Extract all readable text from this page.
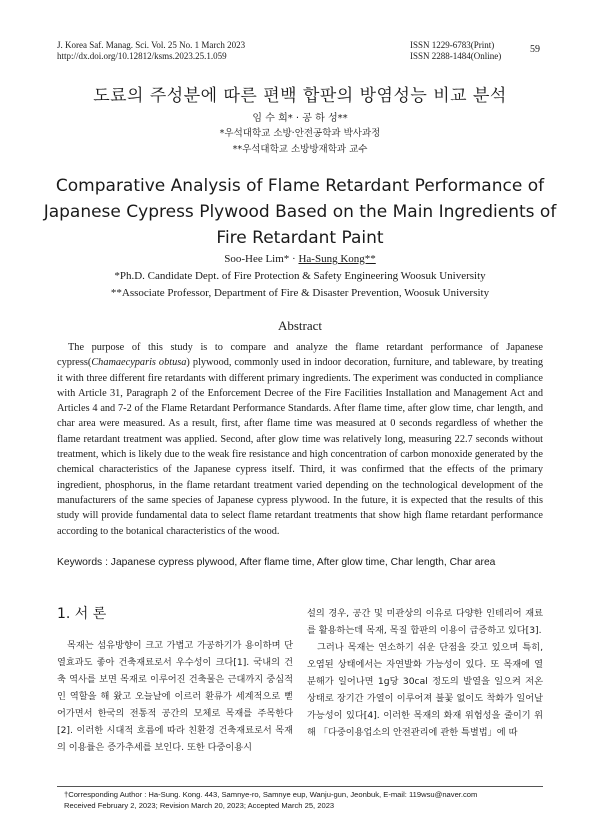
J. Korea Saf. Manag. Sci. Vol. 25 No. 1 March 2023
http://dx.doi.org/10.12812/ksms.2023.25.1.059
ISSN 1229-6783(Print)
ISSN 2288-1484(Online)
59
도료의 주성분에 따른 편백 합판의 방염성능 비교 분석
임 수 희* · 공 하 성**
*우석대학교 소방·안전공학과 박사과정
**우석대학교 소방방재학과 교수
Comparative Analysis of Flame Retardant Performance of
Japanese Cypress Plywood Based on the Main Ingredients of
Fire Retardant Paint
Soo-Hee Lim* · Ha-Sung Kong**
*Ph.D. Candidate Dept. of Fire Protection & Safety Engineering Woosuk University
**Associate Professor, Department of Fire & Disaster Prevention, Woosuk University
Abstract
The purpose of this study is to compare and analyze the flame retardant performance of Japanese cypress(Chamaecyparis obtusa) plywood, commonly used in indoor decoration, furniture, and tableware, by treating it with three different fire retardants with different primary ingredients. The experiment was conducted in compliance with Article 31, Paragraph 2 of the Enforcement Decree of the Fire Facilities Installation and Management Act and Articles 4 and 7-2 of the Flame Retardant Performance Standards. After flame time, after glow time, char length, and char area were measured. As a result, first, after flame time was measured at 0 seconds regardless of whether the flame retardant treatment was applied. Second, after glow time was relatively long, measuring 22.7 seconds without treatment, which is likely due to the weak fire resistance and high concentration of carbon monoxide generated by the chemical characteristics of the Japanese cypress itself. Third, it was confirmed that the effects of the primary ingredient, phosphorus, in the flame retardant treatment varied depending on the technological development of the manufacturers of the same species of Japanese cypress plywood. In the future, it is expected that the results of this study will provide fundamental data to select flame retardant treatments that show high flame retardant performance according to the botanical characteristics of the wood.
Keywords : Japanese cypress plywood, After flame time, After glow time, Char length, Char area
1. 서 론

목재는 섬유방향이 크고 가볍고 가공하기가 용이하며 단열효과도 좋아 건축재료로서 우수성이 크다[1]. 국내의 건축 역사를 보면 목재로 이루어진 건축물은 근대까지 중심적인 역할을 해 왔고 오늘날에 이르러 환류가 세계적으로 뻗어가면서 한국의 전통적 공간의 모체로 목재를 주목한다[2]. 이러한 시대적 흐름에 따라 친환경 건축재료로서 목재의 이용률은 증가추세를 보인다. 또한 다중이용시

설의 경우, 공간 및 미관상의 이유로 다양한 인테리어 재료를 활용하는데 목재, 목질 합판의 이용이 급증하고 있다[3].

그러나 목재는 연소하기 쉬운 단점을 갖고 있으며 특히, 오염된 상태에서는 자연발화 가능성이 있다. 또 목재에 열분해가 일어나면 1g당 30cal 정도의 발열을 일으켜 저온 상태로 장기간 가열이 이루어져 불꽃 없이도 착화가 일어날 가능성이 있다[4]. 이러한 목재의 화재 위험성을 줄이기 위해 「다중이용업소의 안전관리에 관한 특별법」에 따

†Corresponding Author : Ha-Sung. Kong. 443, Samnye-ro, Samnye eup, Wanju-gun, Jeonbuk, E-mail: 119wsu@naver.com
Received February 2, 2023; Revision March 20, 2023; Accepted March 25, 2023
